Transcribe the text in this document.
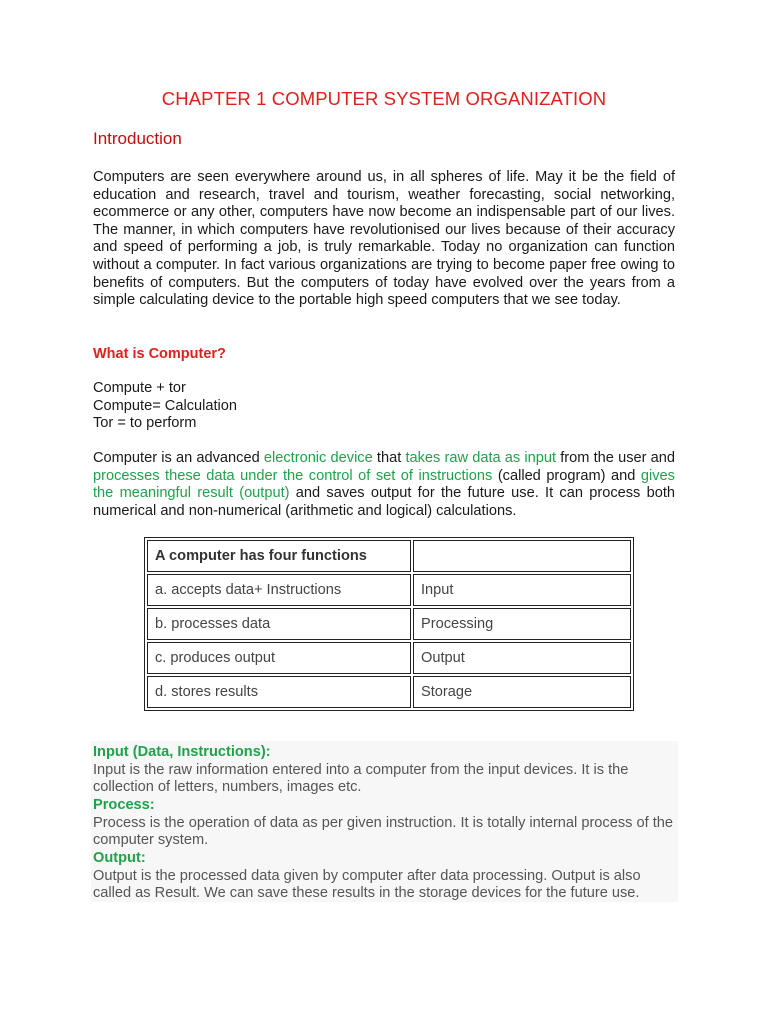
CHAPTER 1 COMPUTER SYSTEM ORGANIZATION
Introduction
Computers are seen everywhere around us, in all spheres of life. May it be the field of education and research, travel and tourism, weather forecasting, social networking, ecommerce or any other, computers have now become an indispensable part of our lives. The manner, in which computers have revolutionised our lives because of their accuracy and speed of performing a job, is truly remarkable. Today no organization can function without a computer. In fact various organizations are trying to become paper free owing to benefits of computers. But the computers of today have evolved over the years from a simple calculating device to the portable high speed computers that we see today.
What is Computer?
Compute + tor
Compute= Calculation
Tor = to perform
Computer is an advanced electronic device that takes raw data as input from the user and processes these data under the control of set of instructions (called program) and gives the meaningful result (output) and saves output for the future use. It can process both numerical and non-numerical (arithmetic and logical) calculations.
A computer has four functions	
a. accepts data+ Instructions	Input
b. processes data	Processing
c. produces output	Output
d. stores results	Storage
Input (Data, Instructions):
Input is the raw information entered into a computer from the input devices. It is the collection of letters, numbers, images etc.
Process:
Process is the operation of data as per given instruction. It is totally internal process of the computer system.
Output:
Output is the processed data given by computer after data processing. Output is also called as Result. We can save these results in the storage devices for the future use.
